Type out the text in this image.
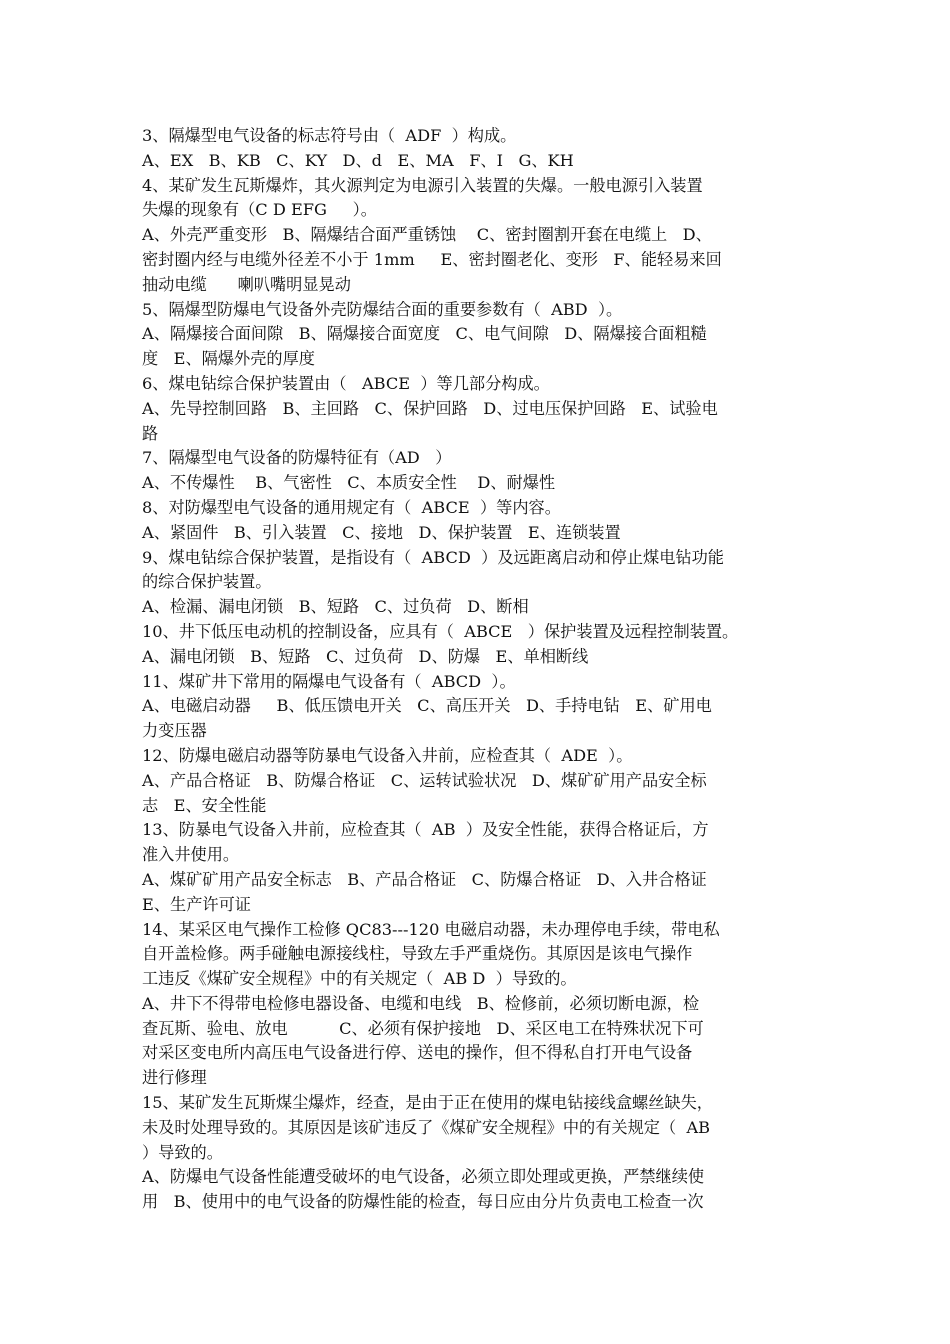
3、隔爆型电气设备的标志符号由（  ADF  ）构成。
A、EX   B、KB   C、KY   D、d   E、MA   F、I   G、KH
4、某矿发生瓦斯爆炸，其火源判定为电源引入装置的失爆。一般电源引入装置
失爆的现象有（C D EFG     ）。
A、外壳严重变形   B、隔爆结合面严重锈蚀    C、密封圈割开套在电缆上   D、
密封圈内经与电缆外径差不小于 1mm     E、密封圈老化、变形   F、能轻易来回
抽动电缆      喇叭嘴明显晃动
5、隔爆型防爆电气设备外壳防爆结合面的重要参数有（  ABD  ）。
A、隔爆接合面间隙   B、隔爆接合面宽度   C、电气间隙   D、隔爆接合面粗糙
度   E、隔爆外壳的厚度
6、煤电钻综合保护装置由（   ABCE  ）等几部分构成。
A、先导控制回路   B、主回路   C、保护回路   D、过电压保护回路   E、试验电
路
7、隔爆型电气设备的防爆特征有（AD   ）
A、不传爆性    B、气密性   C、本质安全性    D、耐爆性
8、对防爆型电气设备的通用规定有（  ABCE  ）等内容。
A、紧固件   B、引入装置   C、接地   D、保护装置   E、连锁装置
9、煤电钻综合保护装置，是指设有（  ABCD  ）及远距离启动和停止煤电钻功能
的综合保护装置。
A、检漏、漏电闭锁   B、短路   C、过负荷   D、断相
10、井下低压电动机的控制设备，应具有（  ABCE   ）保护装置及远程控制装置。
A、漏电闭锁   B、短路   C、过负荷   D、防爆   E、单相断线
11、煤矿井下常用的隔爆电气设备有（  ABCD  ）。
A、电磁启动器     B、低压馈电开关   C、高压开关   D、手持电钻   E、矿用电
力变压器
12、防爆电磁启动器等防暴电气设备入井前，应检查其（  ADE  ）。
A、产品合格证   B、防爆合格证   C、运转试验状况   D、煤矿矿用产品安全标
志   E、安全性能
13、防暴电气设备入井前，应检查其（  AB  ）及安全性能，获得合格证后，方
准入井使用。
A、煤矿矿用产品安全标志   B、产品合格证   C、防爆合格证   D、入井合格证
E、生产许可证
14、某采区电气操作工检修 QC83---120 电磁启动器，未办理停电手续，带电私
自开盖检修。两手碰触电源接线柱，导致左手严重烧伤。其原因是该电气操作
工违反《煤矿安全规程》中的有关规定（  AB D  ）导致的。
A、井下不得带电检修电器设备、电缆和电线   B、检修前，必须切断电源，检
查瓦斯、验电、放电          C、必须有保护接地   D、采区电工在特殊状况下可
对采区变电所内高压电气设备进行停、送电的操作，但不得私自打开电气设备
进行修理
15、某矿发生瓦斯煤尘爆炸，经查，是由于正在使用的煤电钻接线盒螺丝缺失，
未及时处理导致的。其原因是该矿违反了《煤矿安全规程》中的有关规定（  AB
）导致的。
A、防爆电气设备性能遭受破坏的电气设备，必须立即处理或更换，严禁继续使
用   B、使用中的电气设备的防爆性能的检查，每日应由分片负责电工检查一次
